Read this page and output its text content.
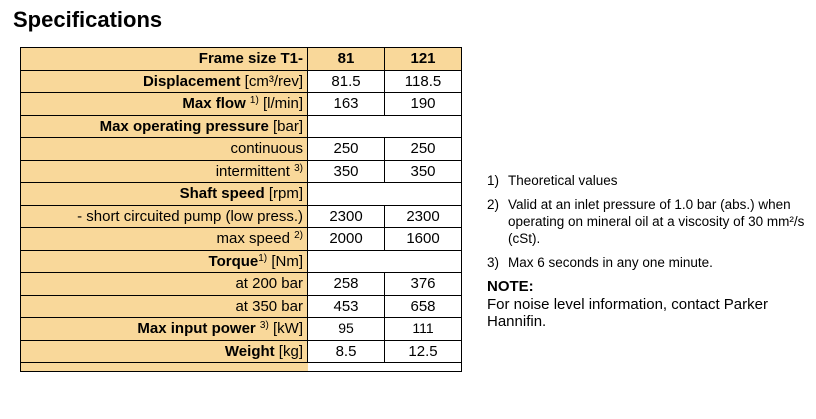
Specifications
Frame size T1-	81	121
Displacement [cm³/rev]	81.5	118.5
Max flow $^{1)}$ [l/min]	163	190
Max operating pressure [bar]		
continuous	250	250
intermittent $^{3)}$	350	350
Shaft speed [rpm]		
- short circuited pump (low press.)	2300	2300
max speed $^{2)}$	2000	1600
Torque$^{1)}$ [Nm]		
at 200 bar	258	376
at 350 bar	453	658
Max input power $^{3)}$ [kW]	95	111
Weight [kg]	8.5	12.5

1) Theoretical values
2) Valid at an inlet pressure of 1.0 bar (abs.) when operating on mineral oil at a viscosity of 30 mm²/s (cSt).
3) Max 6 seconds in any one minute.
NOTE:
For noise level information, contact Parker Hannifin.
